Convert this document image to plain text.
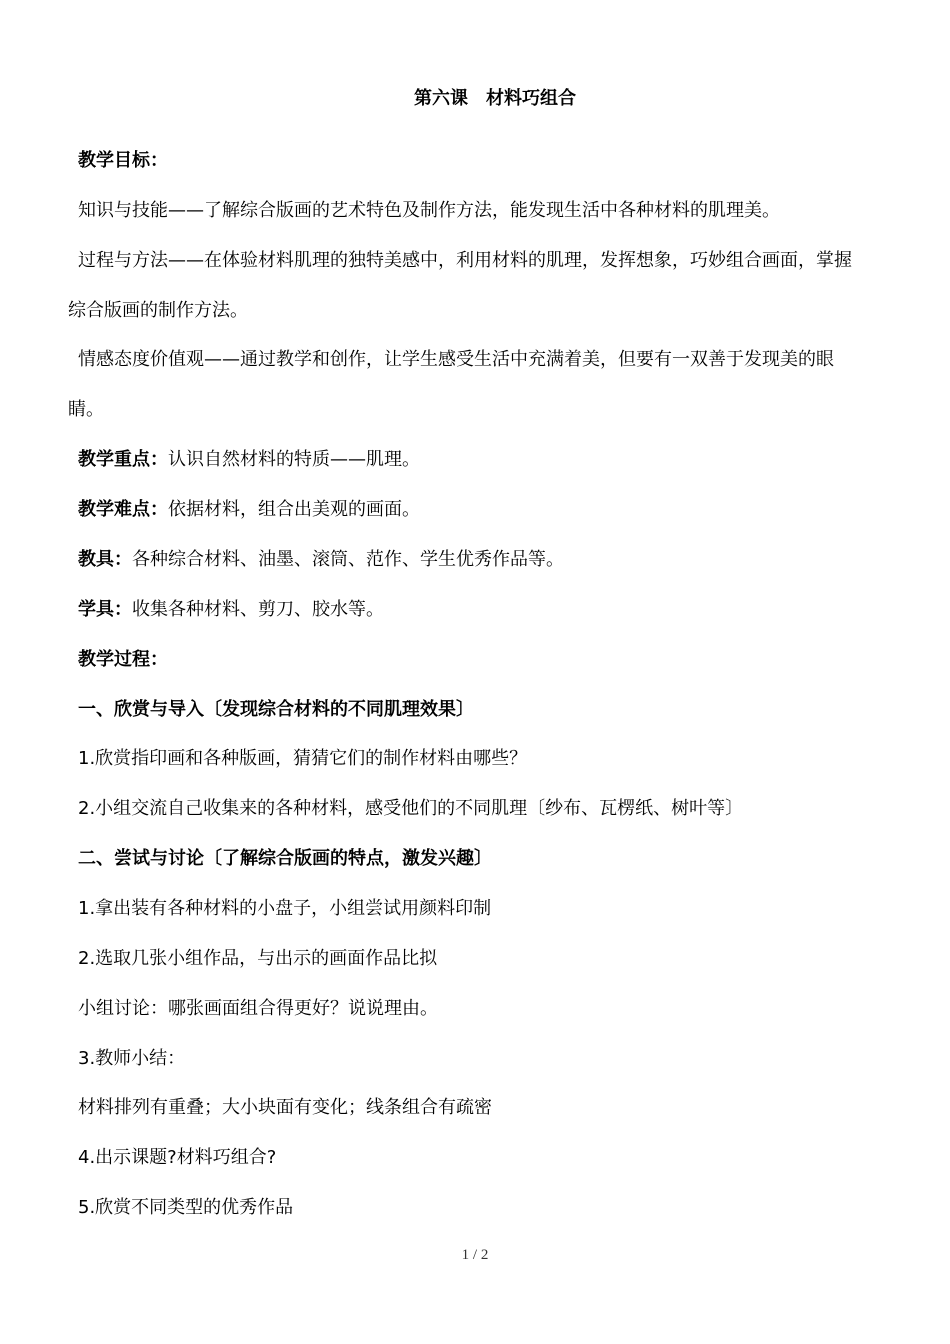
第六课　材料巧组合
教学目标：
知识与技能——了解综合版画的艺术特色及制作方法，能发现生活中各种材料的肌理美。
过程与方法——在体验材料肌理的独特美感中，利用材料的肌理，发挥想象，巧妙组合画面，掌握
综合版画的制作方法。
情感态度价值观——通过教学和创作，让学生感受生活中充满着美，但要有一双善于发现美的眼
睛。
教学重点：认识自然材料的特质——肌理。
教学难点：依据材料，组合出美观的画面。
教具：各种综合材料、油墨、滚筒、范作、学生优秀作品等。
学具：收集各种材料、剪刀、胶水等。
教学过程：
一、欣赏与导入〔发现综合材料的不同肌理效果〕
1.欣赏指印画和各种版画，猜猜它们的制作材料由哪些？
2.小组交流自己收集来的各种材料，感受他们的不同肌理〔纱布、瓦楞纸、树叶等〕
二、尝试与讨论〔了解综合版画的特点，激发兴趣〕
1.拿出装有各种材料的小盘子，小组尝试用颜料印制
2.选取几张小组作品，与出示的画面作品比拟
小组讨论：哪张画面组合得更好？说说理由。
3.教师小结：
材料排列有重叠；大小块面有变化；线条组合有疏密
4.出示课题?材料巧组合?
5.欣赏不同类型的优秀作品
1 / 2
